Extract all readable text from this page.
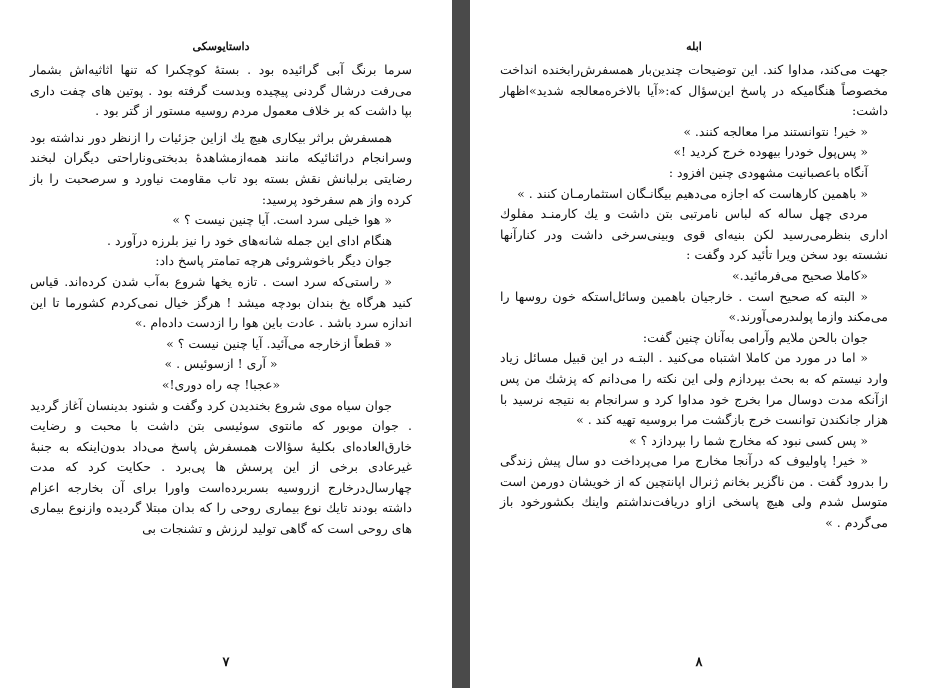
داستايوسكى

سرما برنگ آبى گرائيده بود . بستهٔ كوچكىرا كه تنها اثاثيه‌اش بشمار مى‌رفت درشال گردنى پيچيده وبدست گرفته بود . پوتين هاى چفت دارى بپا داشت كه بر خلاف معمول مردم روسيه مستور از گتر بود .

همسفرش براثر بيكارى هيچ يك ازاين جزئيات را ازنظر دور نداشته بود وسرانجام درائنائيكه مانند همه‌ازمشاهدهٔ بدبختى‌وناراحتى ديگران لبخند رضايتى برلبانش نقش بسته بود تاب مقاومت نياورد و سرصحبت را باز كرده واز هم سفرخود پرسيد:

« هوا خيلى سرد است. آيا چنين نيست ؟ »

هنگام اداى اين جمله شانه‌هاى خود را نيز بلرزه درآورد .

جوان ديگر باخوشروئى هرچه تمامتر پاسخ داد:

« راستى‌كه سرد است . تازه يخها شروع به‌آب شدن كرده‌اند. قياس كنيد هرگاه يخ بندان بودچه ميشد ! هرگز خيال نمى‌كردم كشورما تا اين اندازه سرد باشد . عادت باين هوا را ازدست داده‌ام .»

« قطعاً ازخارجه مى‌آئيد. آيا چنين نيست ؟ »

« آرى ! ازسوئيس . »

«عجبا! چه راه دورى!»

جوان سياه موى شروع بخنديدن كرد وگفت و شنود بدينسان آغاز گرديد . جوان موبور كه مانتوى سوئيسى بتن داشت با محبت و رضايت خارق‌العاده‌اى بكليهٔ سؤالات همسفرش پاسخ مى‌داد بدون‌اينكه به جنبهٔ غيرعادى برخى از اين پرسش ها پى‌برد . حكايت كرد كه مدت چهارسال‌درخارج ازروسيه بسربرده‌است واورا براى آن بخارجه اعزام داشته بودند تايك نوع بيمارى روحى را كه بدان مبتلا گرديده وازنوع بيمارى هاى روحى است كه گاهى توليد لرزش و تشنجات بى‌

٧
ابله

جهت مى‌كند، مداوا كند. اين توضيحات چندين‌بار همسفرش‌رابخنده انداخت مخصوصاً هنگاميكه در پاسخ اين‌سؤال كه:«آيا بالاخره‌معالجه شديد»اظهار داشت:

« خير! نتوانستند مرا معالجه كنند. »

« پس‌پول خودرا بيهوده خرج كرديد !»

آنگاه باعصبانيت مشهودى چنين افزود :

« باهمين كارهاست كه اجازه مى‌دهيم بيگانـگان استثمارمـان كنند . »

مردى چهل ساله كه لباس نامرتبى بتن داشت و يك كارمنـد مفلوك ادارى بنظرمى‌رسيد لكن بنيه‌اى قوى وبينى‌سرخى داشت ودر كنارآنها نشسته بود سخن ويرا تأئيد كرد وگفت :

«كاملا صحيح مى‌فرمائيد.»

« البته كه صحيح است . خارجيان باهمين وسائل‌استكه خون روسها را مى‌مكند وازما پولىدرمى‌آورند.»

جوان بالحن ملايم وآرامى به‌آنان چنين گفت:

« اما در مورد من كاملا اشتباه مى‌كنيد . البتـه در اين قبيل مسائل زياد وارد نيستم كه به بحث بپردازم ولى اين نكته را مى‌دانم كه پزشك من پس ازآنكه مدت دوسال مرا بخرج خود مداوا كرد و سرانجام به نتيجه نرسيد با هزار جانكندن توانست خرج بازگشت مرا بروسيه تهيه كند . »

« پس كسى نبود كه مخارج شما را بپردازد ؟ »

« خير! پاوليوف كه درآنجا مخارج مرا مى‌پرداخت دو سال پيش زندگى را بدرود گفت . من ناگزير بخانم ژنرال اپانتچين كه از خويشان دورمن است متوسل شدم ولى هيچ پاسخى ازاو دريافت‌نداشتم واينك بكشورخود باز مى‌گردم . »

٨
